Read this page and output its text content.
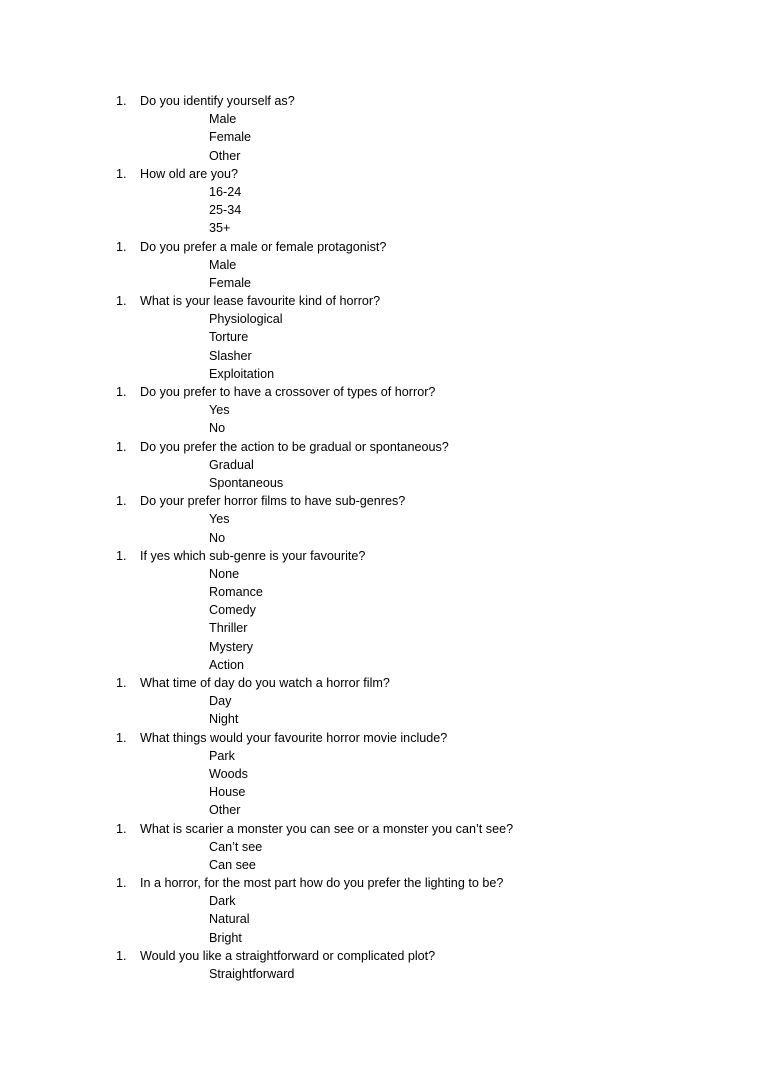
1. Do you identify yourself as?
Male
Female
Other
1. How old are you?
16-24
25-34
35+
1. Do you prefer a male or female protagonist?
Male
Female
1. What is your lease favourite kind of horror?
Physiological
Torture
Slasher
Exploitation
1. Do you prefer to have a crossover of types of horror?
Yes
No
1. Do you prefer the action to be gradual or spontaneous?
Gradual
Spontaneous
1. Do your prefer horror films to have sub-genres?
Yes
No
1. If yes which sub-genre is your favourite?
None
Romance
Comedy
Thriller
Mystery
Action
1. What time of day do you watch a horror film?
Day
Night
1. What things would your favourite horror movie include?
Park
Woods
House
Other
1. What is scarier a monster you can see or a monster you can’t see?
Can’t see
Can see
1. In a horror, for the most part how do you prefer the lighting to be?
Dark
Natural
Bright
1. Would you like a straightforward or complicated plot?
Straightforward
